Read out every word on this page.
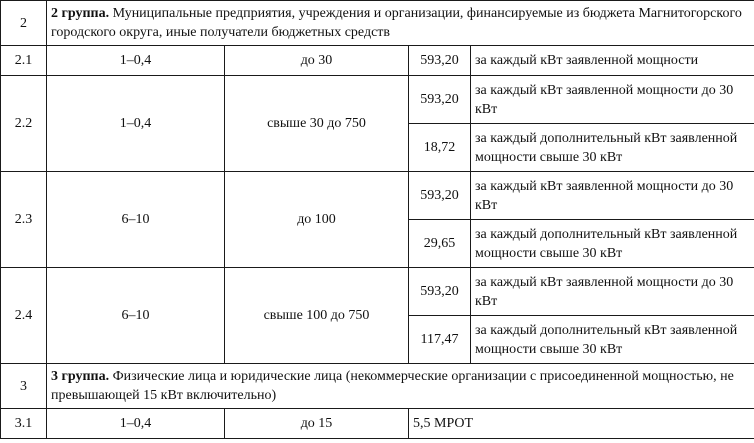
2	2 группа. Муниципальные предприятия, учреждения и организации, финансируемые из бюджета Магнитогорского городского округа, иные получатели бюджетных средств			
2.1	1–0,4	до 30	593,20	за каждый кВт заявленной мощности
2.2	1–0,4	свыше 30 до 750	593,20	за каждый кВт заявленной мощности до 30 кВт
			18,72	за каждый дополнительный кВт заявленной мощности свыше 30 кВт
2.3	6–10	до 100	593,20	за каждый кВт заявленной мощности до 30 кВт
			29,65	за каждый дополнительный кВт заявленной мощности свыше 30 кВт
2.4	6–10	свыше 100 до 750	593,20	за каждый кВт заявленной мощности до 30 кВт
			117,47	за каждый дополнительный кВт заявленной мощности свыше 30 кВт
3	3 группа. Физические лица и юридические лица (некоммерческие организации с присоединенной мощностью, не превышающей 15 кВт включительно)			
3.1	1–0,4	до 15	5,5 МРОТ	
